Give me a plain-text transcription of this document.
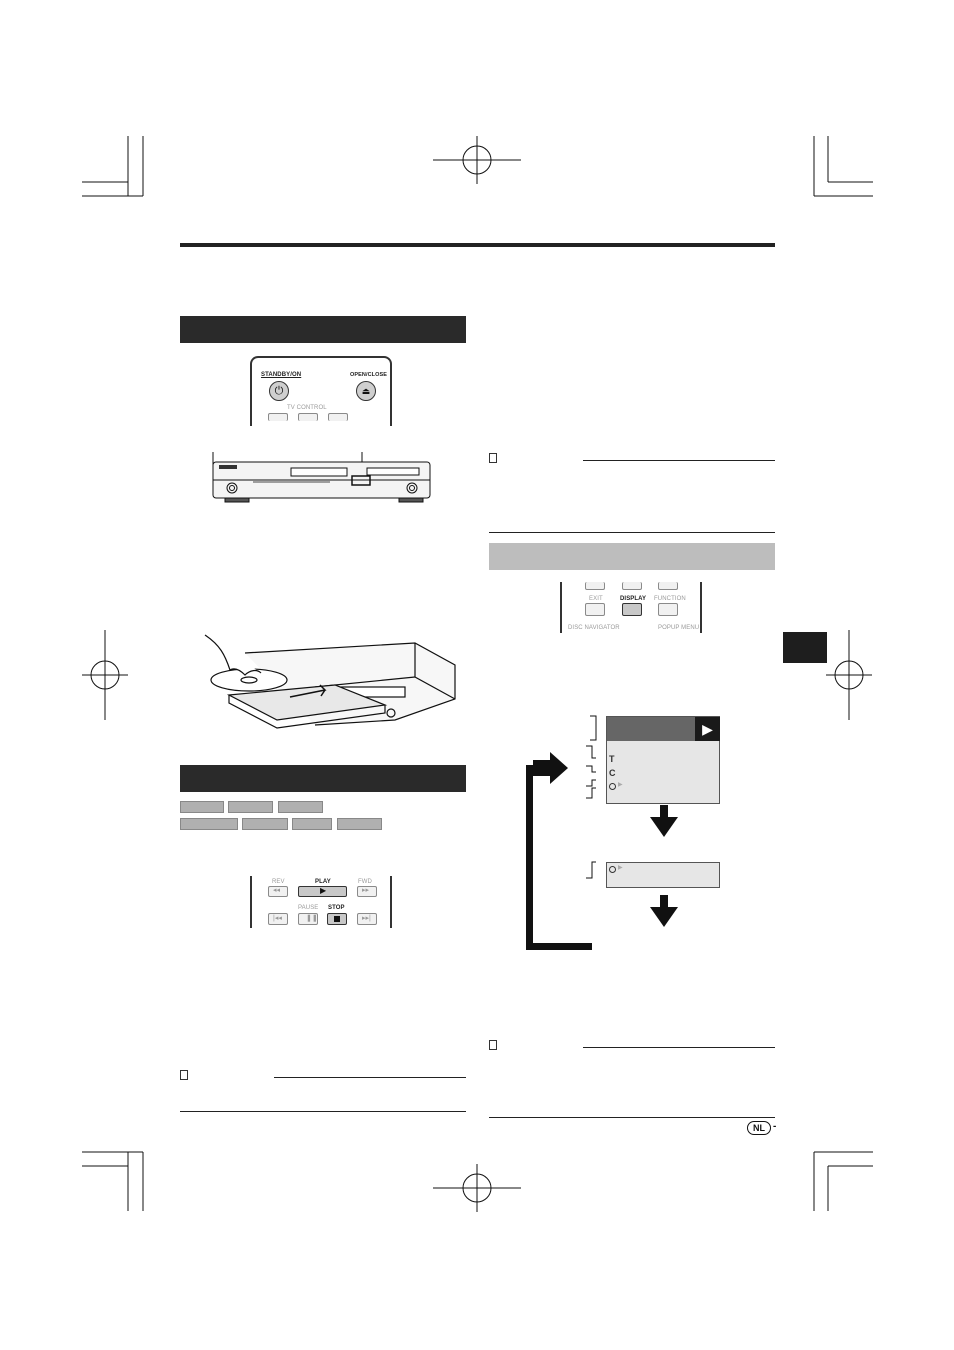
STANDBY/ON	OPEN/CLOSE
⏻	⏏
TV CONTROL
REV	PLAY	FWD
◂◂	▶	▸▸
PAUSE STOP
|◂◂	❚❚	▸▸|
EXIT	DISPLAY FUNCTION
DISC NAVIGATOR	POPUP MENU
▶
T
C
▶
▶
NL -
